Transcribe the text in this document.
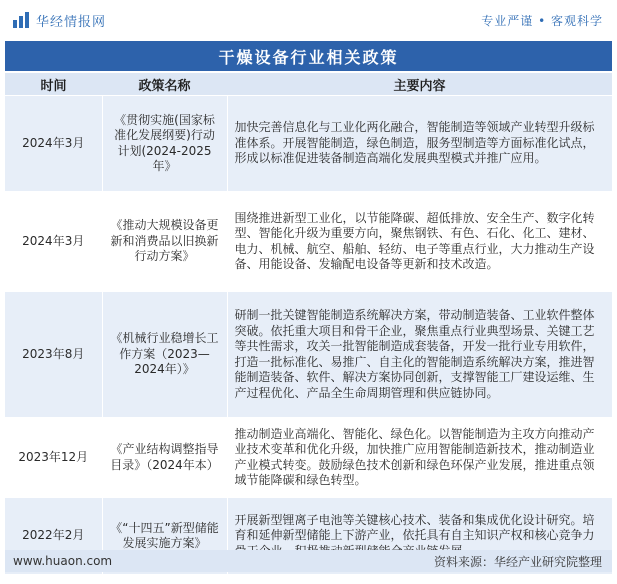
华经情报网	专业严谨 • 客观科学
干燥设备行业相关政策
时间	政策名称	主要内容
2024年3月	《贯彻实施(国家标准化发展纲要)行动计划(2024-2025年》	加快完善信息化与工业化两化融合，智能制造等领域产业转型升级标准体系。开展智能制造，绿色制造，服务型制造等方面标准化试点，形成以标准促进装备制造高端化发展典型模式并推广应用。
2024年3月	《推动大规模设备更新和消费品以旧换新行动方案》	围绕推进新型工业化，以节能降碳、超低排放、安全生产、数字化转型、智能化升级为重要方向，聚焦钢铁、有色、石化、化工、建材、电力、机械、航空、船舶、轻纺、电子等重点行业，大力推动生产设备、用能设备、发输配电设备等更新和技术改造。
2023年8月	《机械行业稳增长工作方案（2023—2024年）》	研制一批关键智能制造系统解决方案，带动制造装备、工业软件整体突破。依托重大项目和骨干企业，聚焦重点行业典型场景、关键工艺等共性需求，攻关一批智能制造成套装备，开发一批行业专用软件，打造一批标准化、易推广、自主化的智能制造系统解决方案，推进智能制造装备、软件、解决方案协同创新，支撑智能工厂建设运维、生产过程优化、产品全生命周期管理和供应链协同。
2023年12月	《产业结构调整指导目录》（2024年本）	推动制造业高端化、智能化、绿色化。以智能制造为主攻方向推动产业技术变革和优化升级，加快推广应用智能制造新技术，推动制造业产业模式转变。鼓励绿色技术创新和绿色环保产业发展，推进重点领域节能降碳和绿色转型。
2022年2月	《“十四五”新型储能发展实施方案》	开展新型锂离子电池等关键核心技术、装备和集成优化设计研究。培育和延伸新型储能上下游产业，依托具有自主知识产权和核心竞争力
www.huaon.com	资料来源：华经产业研究院整理
